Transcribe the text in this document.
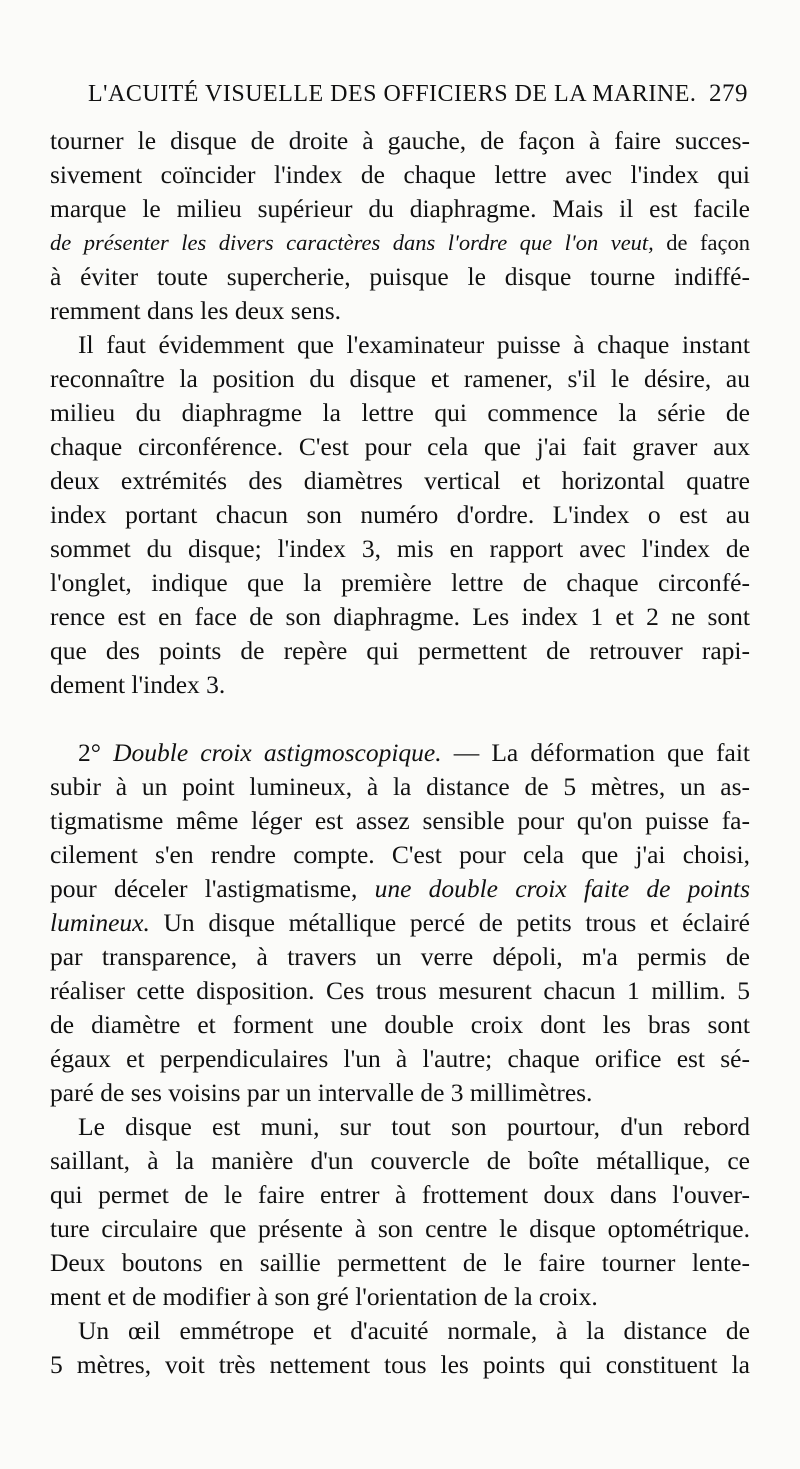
L'ACUITÉ VISUELLE DES OFFICIERS DE LA MARINE. 279
tourner le disque de droite à gauche, de façon à faire succes-
sivement coïncider l'index de chaque lettre avec l'index qui
marque le milieu supérieur du diaphragme. Mais il est facile
de présenter les divers caractères dans l'ordre que l'on veut, de façon
à éviter toute supercherie, puisque le disque tourne indiffé-
remment dans les deux sens.
Il faut évidemment que l'examinateur puisse à chaque instant
reconnaître la position du disque et ramener, s'il le désire, au
milieu du diaphragme la lettre qui commence la série de
chaque circonférence. C'est pour cela que j'ai fait graver aux
deux extrémités des diamètres vertical et horizontal quatre
index portant chacun son numéro d'ordre. L'index o est au
sommet du disque; l'index 3, mis en rapport avec l'index de
l'onglet, indique que la première lettre de chaque circonfé-
rence est en face de son diaphragme. Les index 1 et 2 ne sont
que des points de repère qui permettent de retrouver rapi-
dement l'index 3.
2° Double croix astigmoscopique. — La déformation que fait
subir à un point lumineux, à la distance de 5 mètres, un as-
tigmatisme même léger est assez sensible pour qu'on puisse fa-
cilement s'en rendre compte. C'est pour cela que j'ai choisi,
pour déceler l'astigmatisme, une double croix faite de points
lumineux. Un disque métallique percé de petits trous et éclairé
par transparence, à travers un verre dépoli, m'a permis de
réaliser cette disposition. Ces trous mesurent chacun 1 millim. 5
de diamètre et forment une double croix dont les bras sont
égaux et perpendiculaires l'un à l'autre; chaque orifice est sé-
paré de ses voisins par un intervalle de 3 millimètres.
Le disque est muni, sur tout son pourtour, d'un rebord
saillant, à la manière d'un couvercle de boîte métallique, ce
qui permet de le faire entrer à frottement doux dans l'ouver-
ture circulaire que présente à son centre le disque optométrique.
Deux boutons en saillie permettent de le faire tourner lente-
ment et de modifier à son gré l'orientation de la croix.
Un œil emmétrope et d'acuité normale, à la distance de
5 mètres, voit très nettement tous les points qui constituent la
